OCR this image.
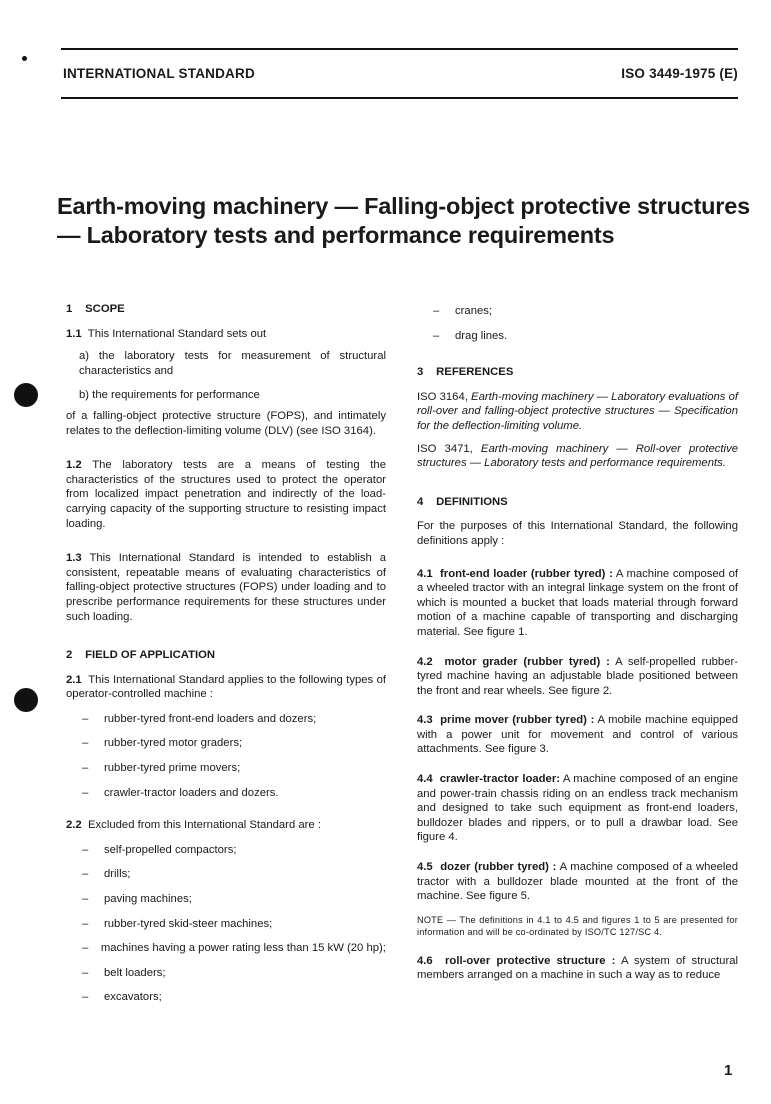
INTERNATIONAL STANDARD	ISO 3449-1975 (E)
Earth-moving machinery — Falling-object protective structures
— Laboratory tests and performance requirements
1 SCOPE
1.1 This International Standard sets out
a) the laboratory tests for measurement of structural characteristics and
b) the requirements for performance
of a falling-object protective structure (FOPS), and intimately relates to the deflection-limiting volume (DLV) (see ISO 3164).
1.2 The laboratory tests are a means of testing the characteristics of the structures used to protect the operator from localized impact penetration and indirectly of the load-carrying capacity of the supporting structure to resisting impact loading.
1.3 This International Standard is intended to establish a consistent, repeatable means of evaluating characteristics of falling-object protective structures (FOPS) under loading and to prescribe performance requirements for these structures under such loading.
2 FIELD OF APPLICATION
2.1 This International Standard applies to the following types of operator-controlled machine :
–	rubber-tyred front-end loaders and dozers;
–	rubber-tyred motor graders;
–	rubber-tyred prime movers;
–	crawler-tractor loaders and dozers.
2.2 Excluded from this International Standard are :
–	self-propelled compactors;
–	drills;
–	paving machines;
–	rubber-tyred skid-steer machines;
–    machines having a power rating less than 15 kW (20 hp);
–	belt loaders;
–	excavators;
–	cranes;
–	drag lines.
3 REFERENCES
ISO 3164, Earth-moving machinery — Laboratory evaluations of roll-over and falling-object protective structures — Specification for the deflection-limiting volume.
ISO 3471, Earth-moving machinery — Roll-over protective structures — Laboratory tests and performance requirements.
4 DEFINITIONS
For the purposes of this International Standard, the following definitions apply :
4.1 front-end loader (rubber tyred) : A machine composed of a wheeled tractor with an integral linkage system on the front of which is mounted a bucket that loads material through forward motion of a machine capable of transporting and discharging material. See figure 1.
4.2 motor grader (rubber tyred) : A self-propelled rubber-tyred machine having an adjustable blade positioned between the front and rear wheels. See figure 2.
4.3 prime mover (rubber tyred) : A mobile machine equipped with a power unit for movement and control of various attachments. See figure 3.
4.4 crawler-tractor loader: A machine composed of an engine and power-train chassis riding on an endless track mechanism and designed to take such equipment as front-end loaders, bulldozer blades and rippers, or to pull a drawbar load. See figure 4.
4.5 dozer (rubber tyred) : A machine composed of a wheeled tractor with a bulldozer blade mounted at the front of the machine. See figure 5.
NOTE — The definitions in 4.1 to 4.5 and figures 1 to 5 are presented for information and will be co-ordinated by ISO/TC 127/SC 4.
4.6 roll-over protective structure : A system of structural members arranged on a machine in such a way as to reduce
1
